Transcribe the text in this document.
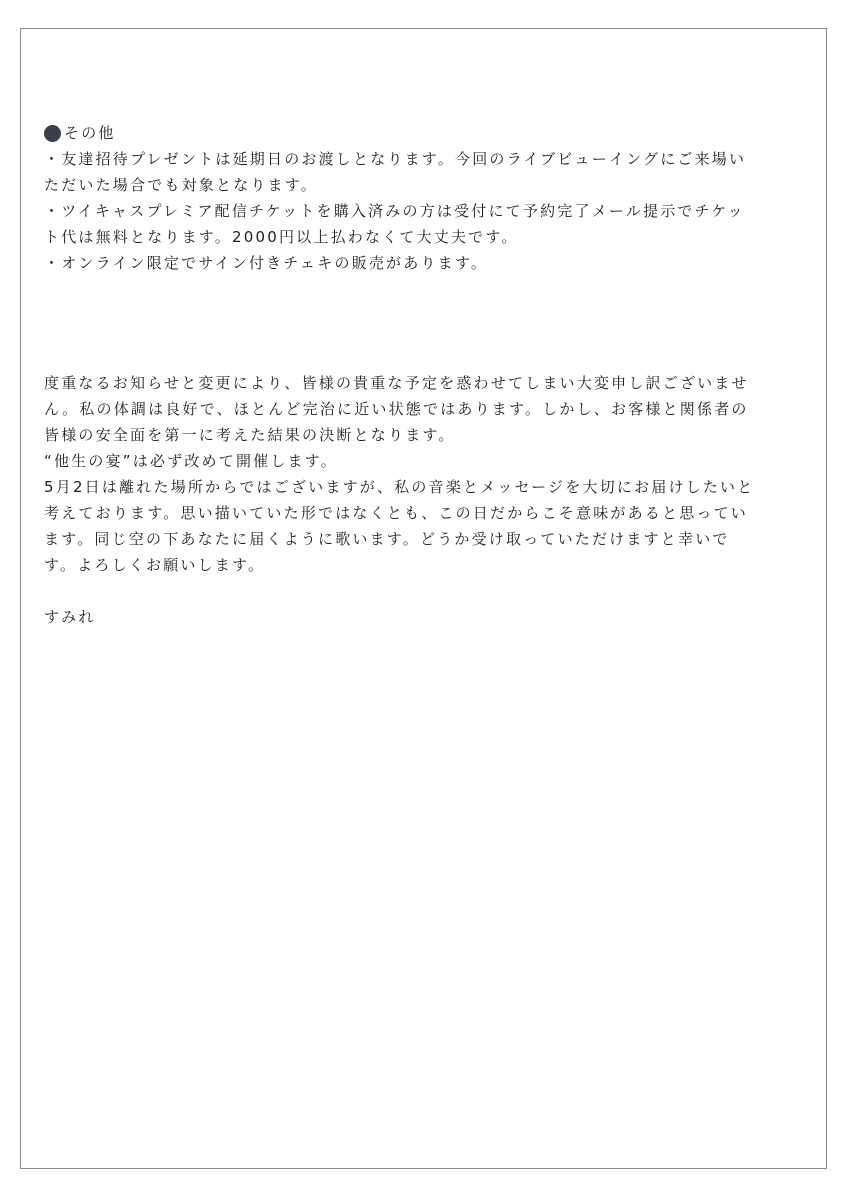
その他
・友達招待プレゼントは延期日のお渡しとなります。今回のライブビューイングにご来場い
ただいた場合でも対象となります。
・ツイキャスプレミア配信チケットを購入済みの方は受付にて予約完了メール提示でチケッ
ト代は無料となります。2000円以上払わなくて大丈夫です。
・オンライン限定でサイン付きチェキの販売があります。
度重なるお知らせと変更により、皆様の貴重な予定を惑わせてしまい大変申し訳ございませ
ん。私の体調は良好で、ほとんど完治に近い状態ではあります。しかし、お客様と関係者の
皆様の安全面を第一に考えた結果の決断となります。
“他生の宴”は必ず改めて開催します。
5月2日は離れた場所からではございますが、私の音楽とメッセージを大切にお届けしたいと
考えております。思い描いていた形ではなくとも、この日だからこそ意味があると思ってい
ます。同じ空の下あなたに届くように歌います。どうか受け取っていただけますと幸いで
す。よろしくお願いします。
すみれ
